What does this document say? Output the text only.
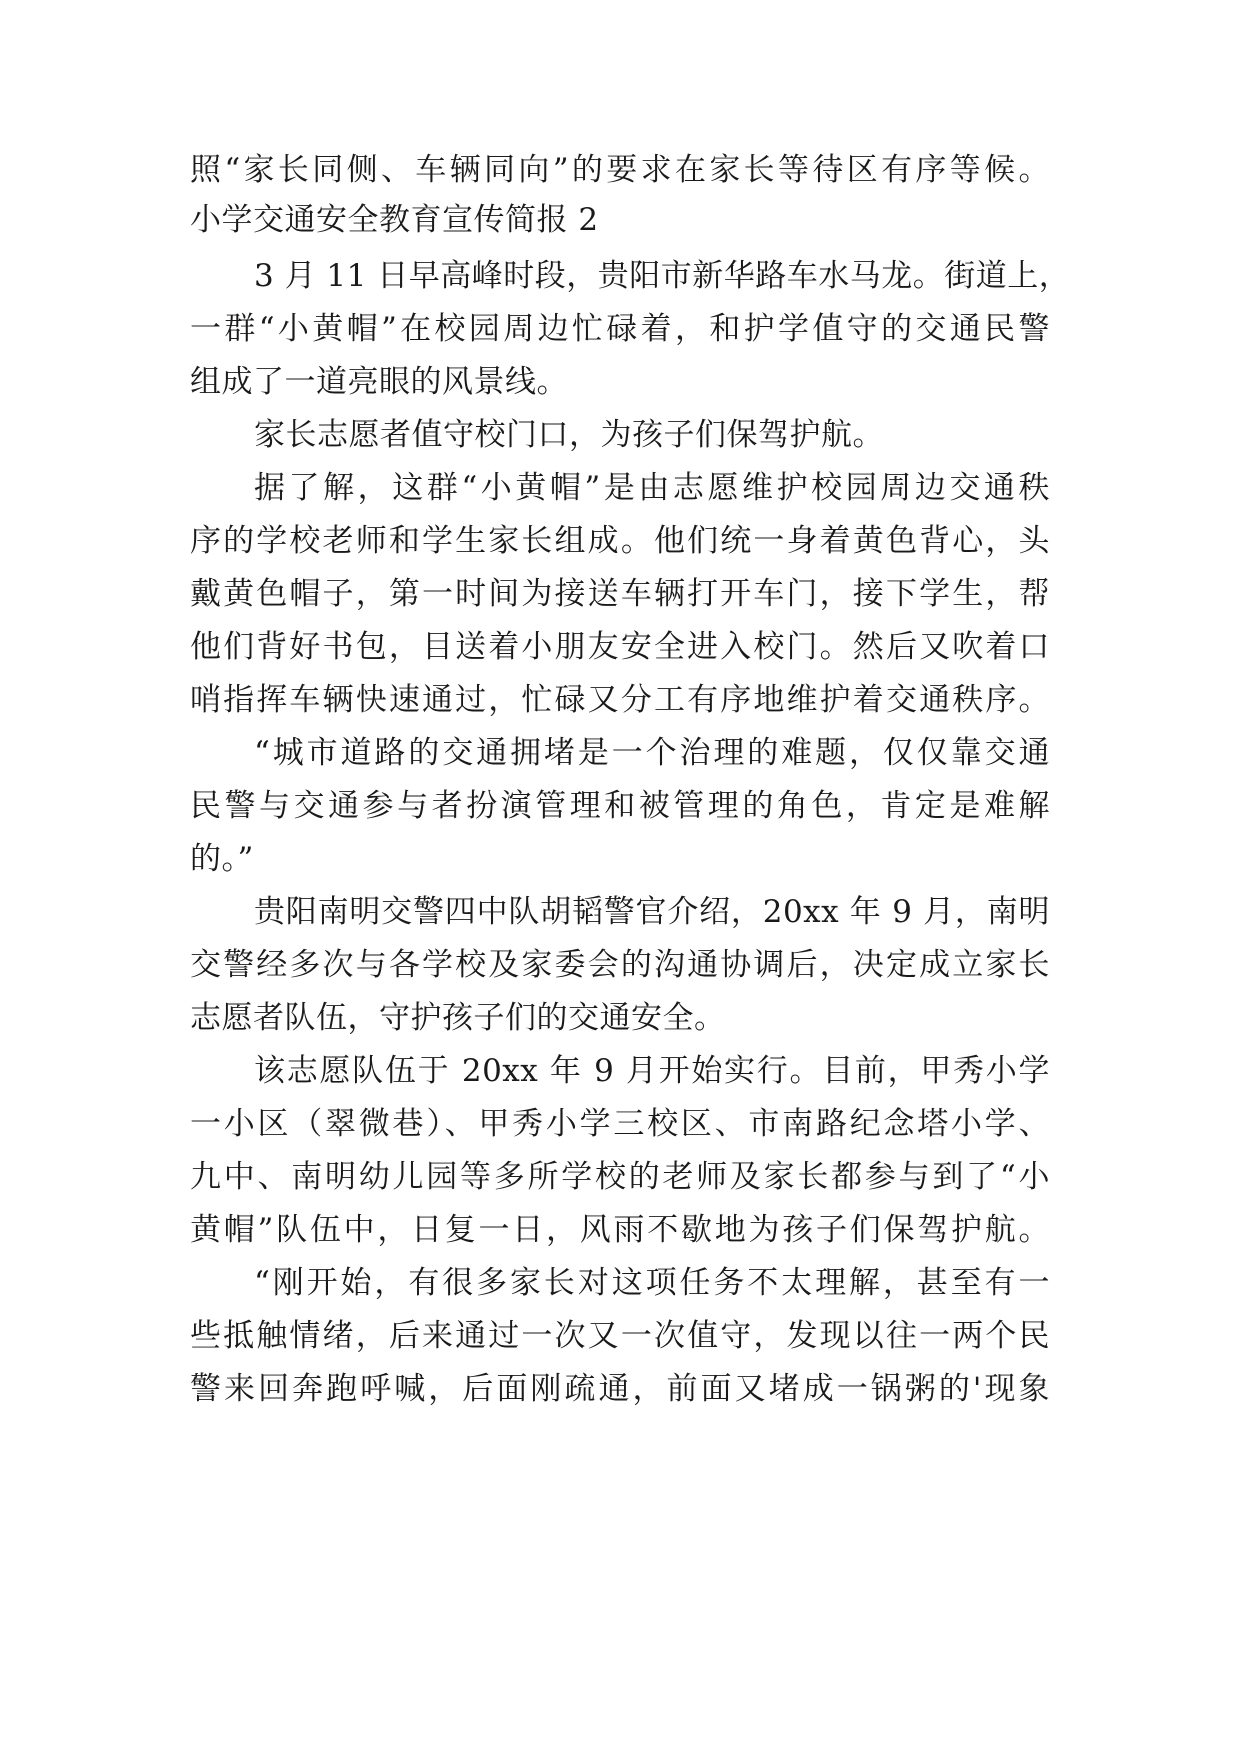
照“家长同侧、车辆同向”的要求在家长等待区有序等候。
小学交通安全教育宣传简报 2
3 月 11 日早高峰时段，贵阳市新华路车水马龙。街道上，
一群“小黄帽”在校园周边忙碌着，和护学值守的交通民警
组成了一道亮眼的风景线。
家长志愿者值守校门口，为孩子们保驾护航。
据了解，这群“小黄帽”是由志愿维护校园周边交通秩
序的学校老师和学生家长组成。他们统一身着黄色背心，头
戴黄色帽子，第一时间为接送车辆打开车门，接下学生，帮
他们背好书包，目送着小朋友安全进入校门。然后又吹着口
哨指挥车辆快速通过，忙碌又分工有序地维护着交通秩序。
“城市道路的交通拥堵是一个治理的难题，仅仅靠交通
民警与交通参与者扮演管理和被管理的角色，肯定是难解
的。”
贵阳南明交警四中队胡韬警官介绍，20xx 年 9 月，南明
交警经多次与各学校及家委会的沟通协调后，决定成立家长
志愿者队伍，守护孩子们的交通安全。
该志愿队伍于 20xx 年 9 月开始实行。目前，甲秀小学
一小区（翠微巷）、甲秀小学三校区、市南路纪念塔小学、
九中、南明幼儿园等多所学校的老师及家长都参与到了“小
黄帽”队伍中，日复一日，风雨不歇地为孩子们保驾护航。
“刚开始，有很多家长对这项任务不太理解，甚至有一
些抵触情绪，后来通过一次又一次值守，发现以往一两个民
警来回奔跑呼喊，后面刚疏通，前面又堵成一锅粥的'现象
